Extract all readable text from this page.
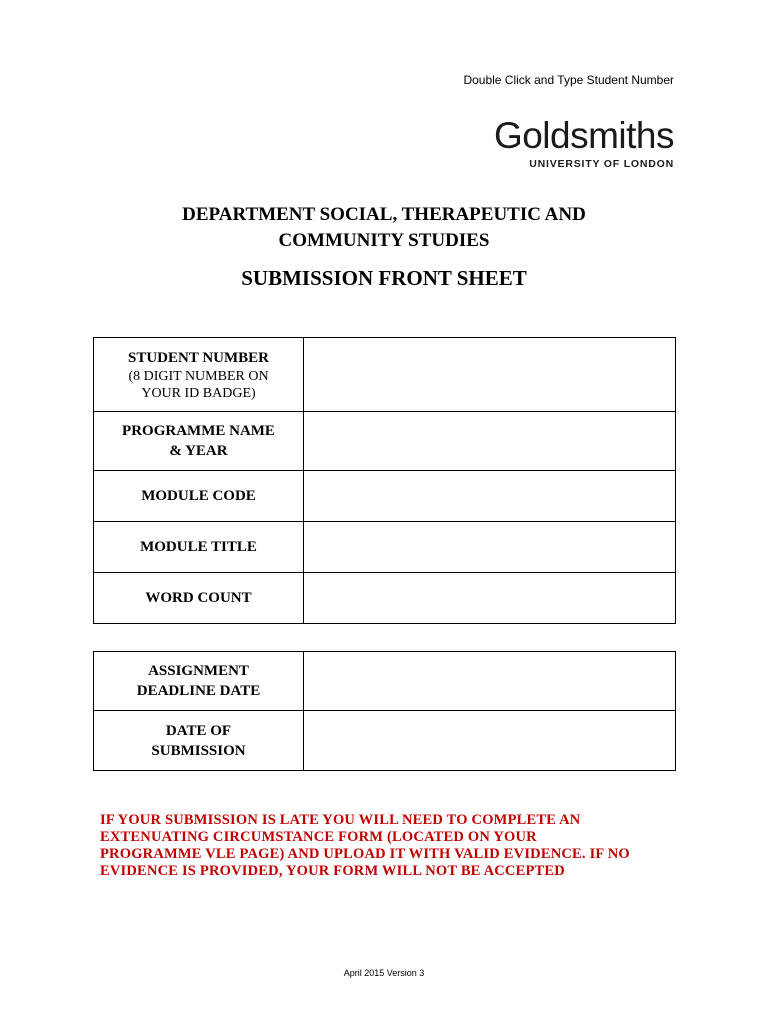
Double Click and Type Student Number
Goldsmiths
UNIVERSITY OF LONDON
DEPARTMENT SOCIAL, THERAPEUTIC AND
COMMUNITY STUDIES
SUBMISSION FRONT SHEET
STUDENT NUMBER
(8 DIGIT NUMBER ON
YOUR ID BADGE)	

PROGRAMME NAME
& YEAR	

MODULE CODE	
MODULE TITLE	
WORD COUNT	
ASSIGNMENT
DEADLINE DATE	

DATE OF
SUBMISSION	

IF YOUR SUBMISSION IS LATE YOU WILL NEED TO COMPLETE AN
EXTENUATING CIRCUMSTANCE FORM (LOCATED ON YOUR
PROGRAMME VLE PAGE) AND UPLOAD IT WITH VALID EVIDENCE. IF NO
EVIDENCE IS PROVIDED, YOUR FORM WILL NOT BE ACCEPTED
April 2015 Version 3
